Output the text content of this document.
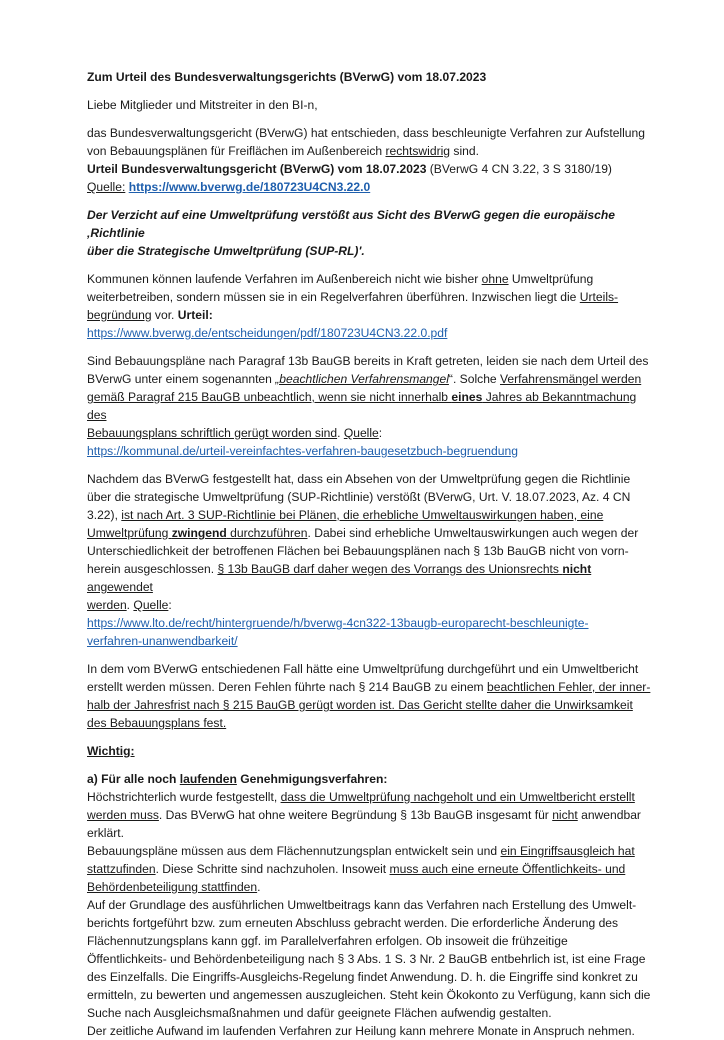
Zum Urteil des Bundesverwaltungsgerichts (BVerwG) vom 18.07.2023

Liebe Mitglieder und Mitstreiter in den BI-n,

das Bundesverwaltungsgericht (BVerwG) hat entschieden, dass beschleunigte Verfahren zur Aufstellung

von Bebauungsplänen für Freiflächen im Außenbereich rechtswidrig sind.

Urteil Bundesverwaltungsgericht (BVerwG) vom 18.07.2023 (BVerwG 4 CN 3.22, 3 S 3180/19)

Quelle: https://www.bverwg.de/180723U4CN3.22.0

Der Verzicht auf eine Umweltprüfung verstößt aus Sicht des BVerwG gegen die europäische ‚Richtlinie

über die Strategische Umweltprüfung (SUP-RL)'.

Kommunen können laufende Verfahren im Außenbereich nicht wie bisher ohne Umweltprüfung

weiterbetreiben, sondern müssen sie in ein Regelverfahren überführen. Inzwischen liegt die Urteils-

begründung vor. Urteil:

https://www.bverwg.de/entscheidungen/pdf/180723U4CN3.22.0.pdf

Sind Bebauungspläne nach Paragraf 13b BauGB bereits in Kraft getreten, leiden sie nach dem Urteil des

BVerwG unter einem sogenannten „beachtlichen Verfahrensmangel“. Solche Verfahrensmängel werden

gemäß Paragraf 215 BauGB unbeachtlich, wenn sie nicht innerhalb eines Jahres ab Bekanntmachung des

Bebauungsplans schriftlich gerügt worden sind. Quelle:

https://kommunal.de/urteil-vereinfachtes-verfahren-baugesetzbuch-begruendung

Nachdem das BVerwG festgestellt hat, dass ein Absehen von der Umweltprüfung gegen die Richtlinie

über die strategische Umweltprüfung (SUP-Richtlinie) verstößt (BVerwG, Urt. V. 18.07.2023, Az. 4 CN

3.22), ist nach Art. 3 SUP-Richtlinie bei Plänen, die erhebliche Umweltauswirkungen haben, eine

Umweltprüfung zwingend durchzuführen. Dabei sind erhebliche Umweltauswirkungen auch wegen der

Unterschiedlichkeit der betroffenen Flächen bei Bebauungsplänen nach § 13b BauGB nicht von vorn-

herein ausgeschlossen. § 13b BauGB darf daher wegen des Vorrangs des Unionsrechts nicht angewendet

werden. Quelle:

https://www.lto.de/recht/hintergruende/h/bverwg-4cn322-13baugb-europarecht-beschleunigte-

verfahren-unanwendbarkeit/

In dem vom BVerwG entschiedenen Fall hätte eine Umweltprüfung durchgeführt und ein Umweltbericht

erstellt werden müssen. Deren Fehlen führte nach § 214 BauGB zu einem beachtlichen Fehler, der inner-

halb der Jahresfrist nach § 215 BauGB gerügt worden ist. Das Gericht stellte daher die Unwirksamkeit

des Bebauungsplans fest.

Wichtig:

a) Für alle noch laufenden Genehmigungsverfahren:

Höchstrichterlich wurde festgestellt, dass die Umweltprüfung nachgeholt und ein Umweltbericht erstellt

werden muss. Das BVerwG hat ohne weitere Begründung § 13b BauGB insgesamt für nicht anwendbar

erklärt.

Bebauungspläne müssen aus dem Flächennutzungsplan entwickelt sein und ein Eingriffsausgleich hat

stattzufinden. Diese Schritte sind nachzuholen. Insoweit muss auch eine erneute Öffentlichkeits- und

Behördenbeteiligung stattfinden.

Auf der Grundlage des ausführlichen Umweltbeitrags kann das Verfahren nach Erstellung des Umwelt-

berichts fortgeführt bzw. zum erneuten Abschluss gebracht werden. Die erforderliche Änderung des

Flächennutzungsplans kann ggf. im Parallelverfahren erfolgen. Ob insoweit die frühzeitige

Öffentlichkeits- und Behördenbeteiligung nach § 3 Abs. 1 S. 3 Nr. 2 BauGB entbehrlich ist, ist eine Frage

des Einzelfalls. Die Eingriffs-Ausgleichs-Regelung findet Anwendung. D. h. die Eingriffe sind konkret zu

ermitteln, zu bewerten und angemessen auszugleichen. Steht kein Ökokonto zu Verfügung, kann sich die

Suche nach Ausgleichsmaßnahmen und dafür geeignete Flächen aufwendig gestalten.

Der zeitliche Aufwand im laufenden Verfahren zur Heilung kann mehrere Monate in Anspruch nehmen.
